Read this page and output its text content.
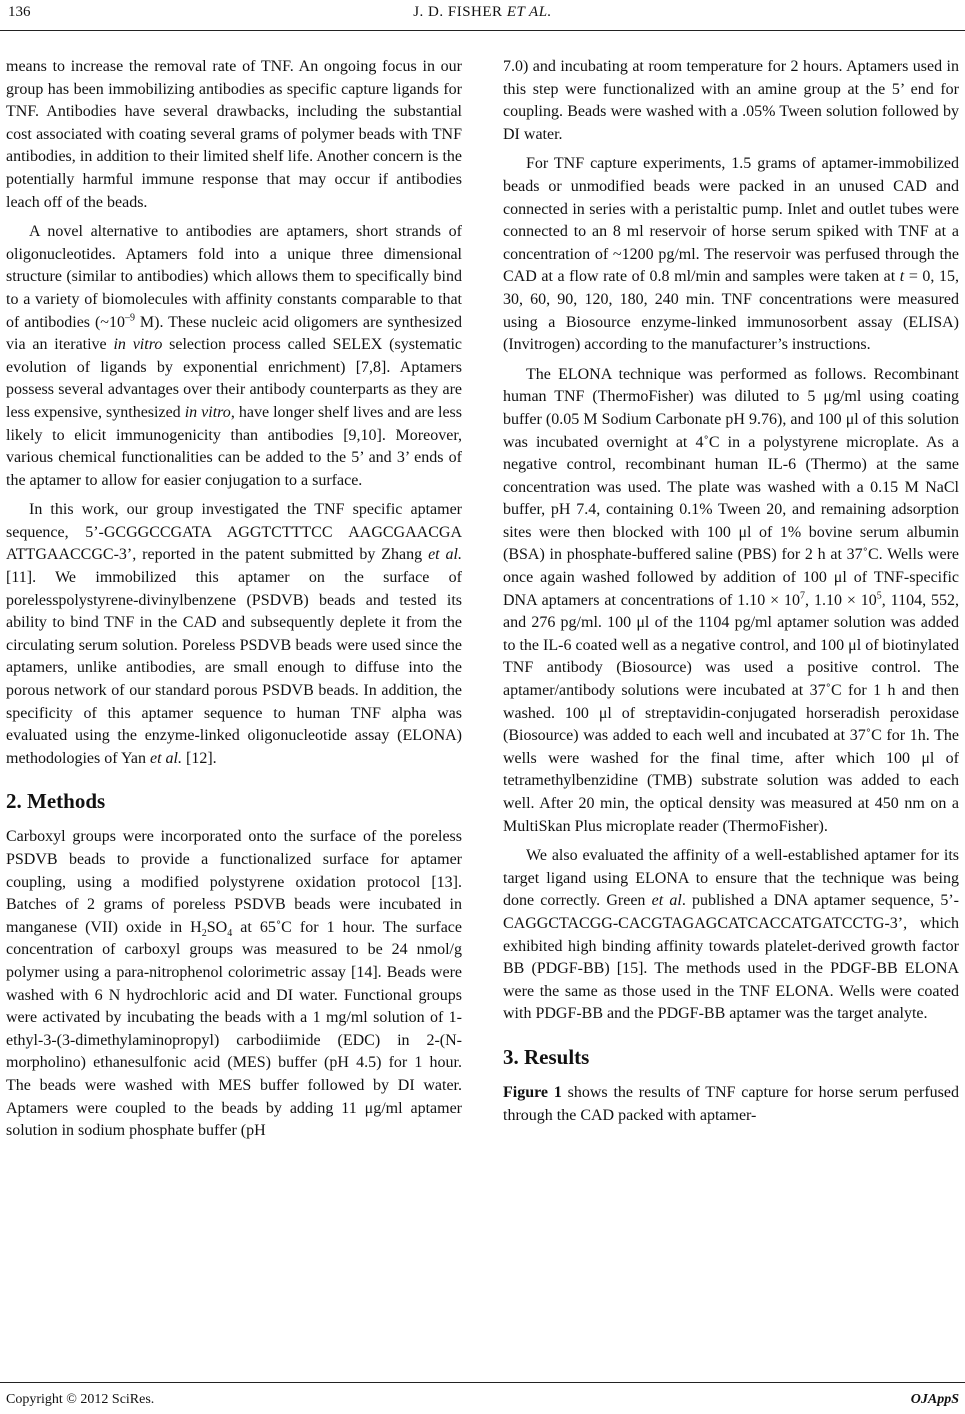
136	J. D. FISHER ET AL.

means to increase the removal rate of TNF. An ongoing focus in our group has been immobilizing antibodies as specific capture ligands for TNF. Antibodies have several drawbacks, including the substantial cost associated with coating several grams of polymer beads with TNF antibodies, in addition to their limited shelf life. Another concern is the potentially harmful immune response that may occur if antibodies leach off of the beads.

A novel alternative to antibodies are aptamers, short strands of oligonucleotides. Aptamers fold into a unique three dimensional structure (similar to antibodies) which allows them to specifically bind to a variety of biomolecules with affinity constants comparable to that of antibodies ($\sim 10^{-9}$ M). These nucleic acid oligomers are synthesized via an iterative in vitro selection process called SELEX (systematic evolution of ligands by exponential enrichment) [7,8]. Aptamers possess several advantages over their antibody counterparts as they are less expensive, synthesized in vitro, have longer shelf lives and are less likely to elicit immunogenicity than antibodies [9,10]. Moreover, various chemical functionalities can be added to the 5’ and 3’ ends of the aptamer to allow for easier conjugation to a surface.

In this work, our group investigated the TNF specific aptamer sequence, 5’-GCGGCCGATA AGGTCTTTCC AAGCGAACGA ATTGAACCGC-3’, reported in the patent submitted by Zhang et al. [11]. We immobilized this aptamer on the surface of porelesspolystyrene-divinylbenzene (PSDVB) beads and tested its ability to bind TNF in the CAD and subsequently deplete it from the circulating serum solution. Poreless PSDVB beads were used since the aptamers, unlike antibodies, are small enough to diffuse into the porous network of our standard porous PSDVB beads. In addition, the specificity of this aptamer sequence to human TNF alpha was evaluated using the enzyme-linked oligonucleotide assay (ELONA) methodologies of Yan et al. [12].

2. Methods

Carboxyl groups were incorporated onto the surface of the poreless PSDVB beads to provide a functionalized surface for aptamer coupling, using a modified polystyrene oxidation protocol [13]. Batches of 2 grams of poreless PSDVB beads were incubated in manganese (VII) oxide in $H_2SO_4$ at 65˚C for 1 hour. The surface concentration of carboxyl groups was measured to be 24 nmol/g polymer using a para-nitrophenol colorimetric assay [14]. Beads were washed with 6 N hydrochloric acid and DI water. Functional groups were activated by incubating the beads with a 1 mg/ml solution of 1-ethyl-3-(3-dimethylaminopropyl) carbodiimide (EDC) in 2-(N-morpholino) ethanesulfonic acid (MES) buffer (pH 4.5) for 1 hour. The beads were washed with MES buffer followed by DI water. Aptamers were coupled to the beads by adding 11 μg/ml aptamer solution in sodium phosphate buffer (pH

7.0) and incubating at room temperature for 2 hours. Aptamers used in this step were functionalized with an amine group at the 5’ end for coupling. Beads were washed with a .05% Tween solution followed by DI water.

For TNF capture experiments, 1.5 grams of aptamer-immobilized beads or unmodified beads were packed in an unused CAD and connected in series with a peristaltic pump. Inlet and outlet tubes were connected to an 8 ml reservoir of horse serum spiked with TNF at a concentration of ~1200 pg/ml. The reservoir was perfused through the CAD at a flow rate of 0.8 ml/min and samples were taken at t = 0, 15, 30, 60, 90, 120, 180, 240 min. TNF concentrations were measured using a Biosource enzyme-linked immunosorbent assay (ELISA) (Invitrogen) according to the manufacturer’s instructions.

The ELONA technique was performed as follows. Recombinant human TNF (ThermoFisher) was diluted to 5 μg/ml using coating buffer (0.05 M Sodium Carbonate pH 9.76), and 100 μl of this solution was incubated overnight at 4˚C in a polystyrene microplate. As a negative control, recombinant human IL-6 (Thermo) at the same concentration was used. The plate was washed with a 0.15 M NaCl buffer, pH 7.4, containing 0.1% Tween 20, and remaining adsorption sites were then blocked with 100 μl of 1% bovine serum albumin (BSA) in phosphate-buffered saline (PBS) for 2 h at 37˚C. Wells were once again washed followed by addition of 100 μl of TNF-specific DNA aptamers at concentrations of $1.10 \times 10^7$, $1.10 \times 10^5$, 1104, 552, and 276 pg/ml. 100 μl of the 1104 pg/ml aptamer solution was added to the IL-6 coated well as a negative control, and 100 μl of biotinylated TNF antibody (Biosource) was used a positive control. The aptamer/antibody solutions were incubated at 37˚C for 1 h and then washed. 100 μl of streptavidin-conjugated horseradish peroxidase (Biosource) was added to each well and incubated at 37˚C for 1h. The wells were washed for the final time, after which 100 μl of tetramethylbenzidine (TMB) substrate solution was added to each well. After 20 min, the optical density was measured at 450 nm on a MultiSkan Plus microplate reader (ThermoFisher).

We also evaluated the affinity of a well-established aptamer for its target ligand using ELONA to ensure that the technique was being done correctly. Green et al. published a DNA aptamer sequence, 5’-CAGGCTACGG-CACGTAGAGCATCACCATGATCCTG-3’, which exhibited high binding affinity towards platelet-derived growth factor BB (PDGF-BB) [15]. The methods used in the PDGF-BB ELONA were the same as those used in the TNF ELONA. Wells were coated with PDGF-BB and the PDGF-BB aptamer was the target analyte.

3. Results

Figure 1 shows the results of TNF capture for horse serum perfused through the CAD packed with aptamer-

Copyright © 2012 SciRes.	OJAppS
